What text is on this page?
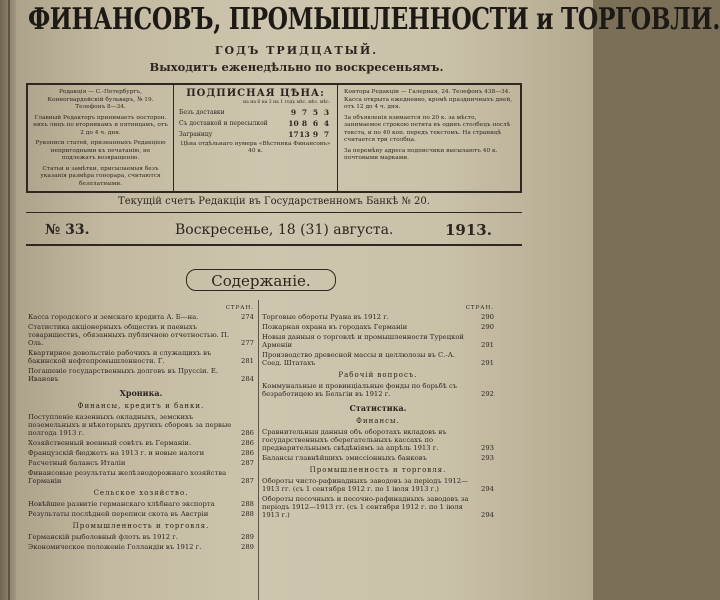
ФИНАНСОВЪ, ПРОМЫШЛЕННОСТИ и ТОРГОВЛИ.
ГОДЪ ТРИДЦАТЫЙ.
Выходитъ еженедѣльно по воскресеньямъ.

Редакція — С.-Петербургъ, Конногвардейскій бульваръ, № 19. Телефонъ 8—34.

Главный Редакторъ принимаетъ посторон. нихъ лицъ по вторникамъ и пятницамъ, отъ 2 до 4 ч. дня.

Рукописи статей, признанныхъ Редакціею непригодными къ печатанію, не подлежатъ возвращенію.

Статьи и замѣтки, присылаемыя безъ указанія размѣра гонорара, считаются безплатными.

ПОДПИСНАЯ ЦѢНА:
на на 6 на 3 на 1 годъ мѣс. мѣс. мѣс.
Безъ доставки	9 7 5 3
Съ доставкой и пересылкой	10 8 6 4
Заграницу	17 13 9 7
Цѣна отдѣльнаго нумера «Вѣстника Финансовъ» 40 к.

Контора Редакціи — Галерная, 24. Телефонъ 438—34. Касса открыта ежедневно, кромѣ праздничныхъ дней, отъ 12 до 4 ч. дня.

За объявленія взимается по 20 к. за мѣсто, занимаемое строкою петита въ одинъ столбецъ послѣ текста, и по 40 коп. передъ текстомъ. На страницѣ считается три столбца.

За перемѣну адреса подписчики высылаютъ 40 к. почтовыми марками.

Текущій счетъ Редакціи въ Государственномъ Банкѣ № 20.
№ 33.	Воскресенье, 18 (31) августа.	1913.
Содержаніе.
СТРАН.
Касса городского и земскаго кредита А. Б—на.	274
Статистика акціонерныхъ обществъ и паевыхъ товариществъ, обязанныхъ публичною отчетностью. П. Оль.	277
Квартирное довольствіе рабочихъ и служащихъ въ бакинской нефтепромышленности. Г.	281
Погашеніе государственныхъ долговъ въ Пруссіи. Е. Ивановъ	284
Хроника.
Финансы, кредитъ и банки.
Поступленіе казенныхъ окладныхъ, земскихъ поземельныхъ и нѣкоторыхъ другихъ сборовъ за первые полгода 1913 г.	286
Хозяйственный военный совѣтъ въ Германіи.	286
Французскій бюджетъ на 1913 г. и новые налоги	286
Расчетный балансъ Италіи	287
Финансовые результаты желѣзнодорожнаго хозяйства Германіи	287
Сельское хозяйство.
Новѣйшее развитіе германскаго хлѣбнаго экспорта	288
Результаты послѣдней переписи скота въ Австріи	288
Промышленность и торговля.
Германскій рыболовный флотъ въ 1912 г.	289
Экономическое положеніе Голландіи въ 1912 г.	289
СТРАН.
Торговые обороты Руана въ 1912 г.	290
Пожарная охрана въ городахъ Германіи	290
Новыя данныя о торговлѣ и промышленности Турецкой Арменіи	291
Производство древесной массы и целлюлозы въ С.-А. Соед. Штатахъ	291
Рабочій вопросъ.
Коммунальные и провинціальные фонды по борьбѣ съ безработицею въ Бельгіи въ 1912 г.	292
Статистика.
Финансы.
Сравнительныя данныя объ оборотахъ вкладовъ въ государственныхъ сберегательныхъ кассахъ по предварительнымъ свѣдѣніямъ за апрѣль 1913 г.	293
Балансы главнѣйшихъ эмиссіонныхъ банковъ	293
Промышленность и торговля.
Обороты чисто-рафинадныхъ заводовъ за періодъ 1912—1913 гг. (съ 1 сентября 1912 г. по 1 іюля 1913 г.)	294
Обороты песочныхъ и песочно-рафинадныхъ заводовъ за періодъ 1912—1913 гг. (съ 1 сентября 1912 г. по 1 іюля 1913 г.)	294
